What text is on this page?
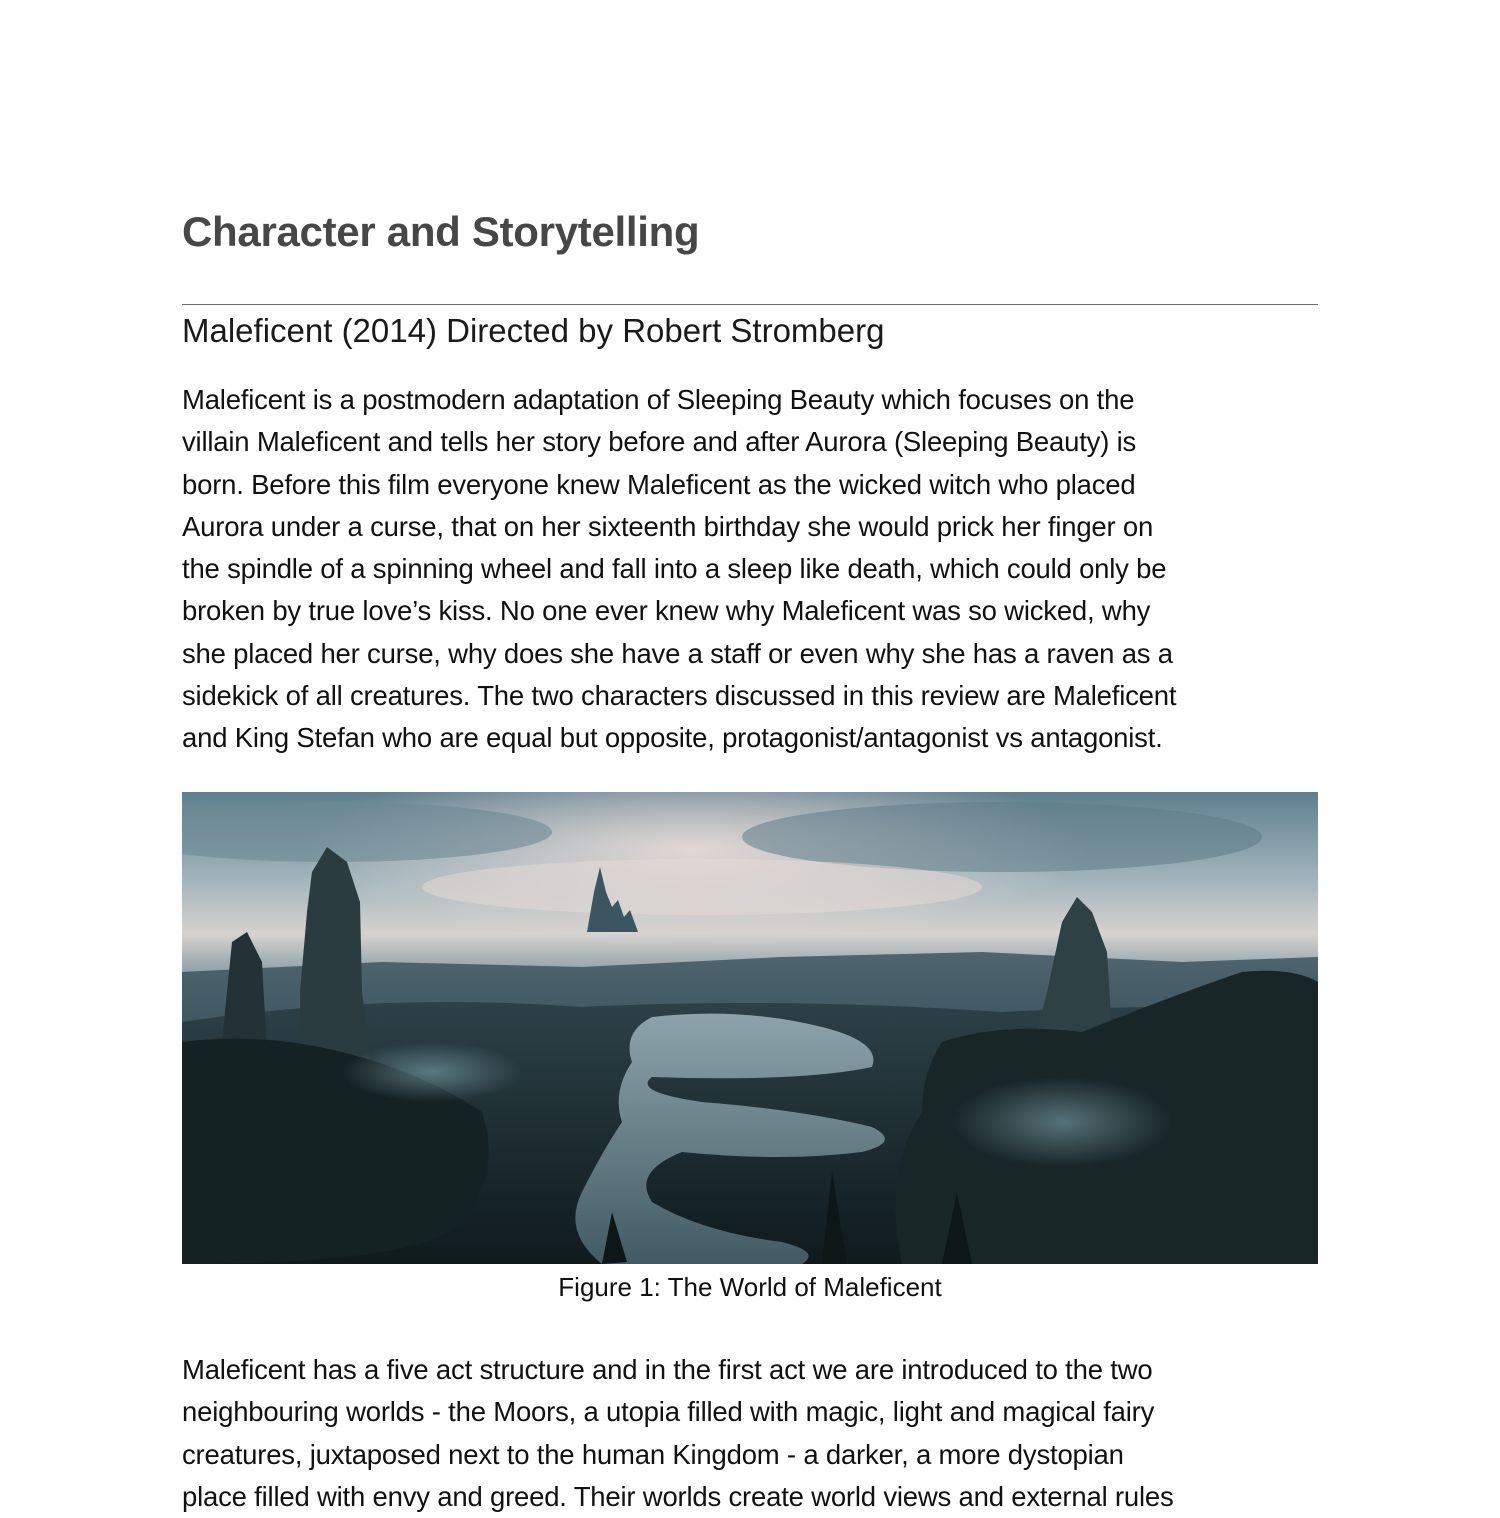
Character and Storytelling
Maleficent (2014) Directed by Robert Stromberg

Maleficent is a postmodern adaptation of Sleeping Beauty which focuses on the
villain Maleficent and tells her story before and after Aurora (Sleeping Beauty) is
born. Before this film everyone knew Maleficent as the wicked witch who placed
Aurora under a curse, that on her sixteenth birthday she would prick her finger on
the spindle of a spinning wheel and fall into a sleep like death, which could only be
broken by true love’s kiss. No one ever knew why Maleficent was so wicked, why
she placed her curse, why does she have a staff or even why she has a raven as a
sidekick of all creatures. The two characters discussed in this review are Maleficent
and King Stefan who are equal but opposite, protagonist/antagonist vs antagonist.

Figure 1: The World of Maleficent

Maleficent has a five act structure and in the first act we are introduced to the two
neighbouring worlds - the Moors, a utopia filled with magic, light and magical fairy
creatures, juxtaposed next to the human Kingdom - a darker, a more dystopian
place filled with envy and greed. Their worlds create world views and external rules
